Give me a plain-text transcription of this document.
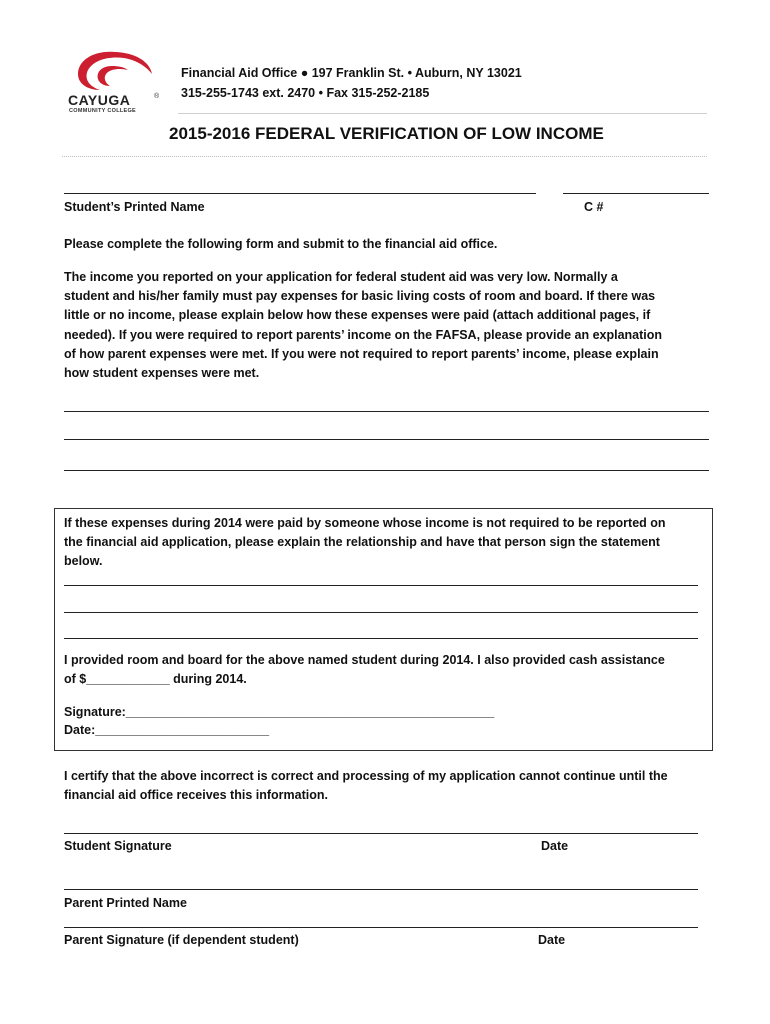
CAYUGA	®
COMMUNITY COLLEGE
Financial Aid Office ● 197 Franklin St. • Auburn, NY 13021
315-255-1743 ext. 2470 • Fax 315-252-2185
2015-2016 FEDERAL VERIFICATION OF LOW INCOME
Student’s Printed Name	C #
Please complete the following form and submit to the financial aid office.
The income you reported on your application for federal student aid was very low. Normally a
student and his/her family must pay expenses for basic living costs of room and board. If there was
little or no income, please explain below how these expenses were paid (attach additional pages, if
needed). If you were required to report parents’ income on the FAFSA, please provide an explanation
of how parent expenses were met. If you were not required to report parents’ income, please explain
how student expenses were met.
If these expenses during 2014 were paid by someone whose income is not required to be reported on
the financial aid application, please explain the relationship and have that person sign the statement
below.
I provided room and board for the above named student during 2014. I also provided cash assistance
of $____________ during 2014.
Signature:_____________________________________________________
Date:_________________________
I certify that the above incorrect is correct and processing of my application cannot continue until the
financial aid office receives this information.
Student Signature	Date
Parent Printed Name
Parent Signature (if dependent student)	Date
